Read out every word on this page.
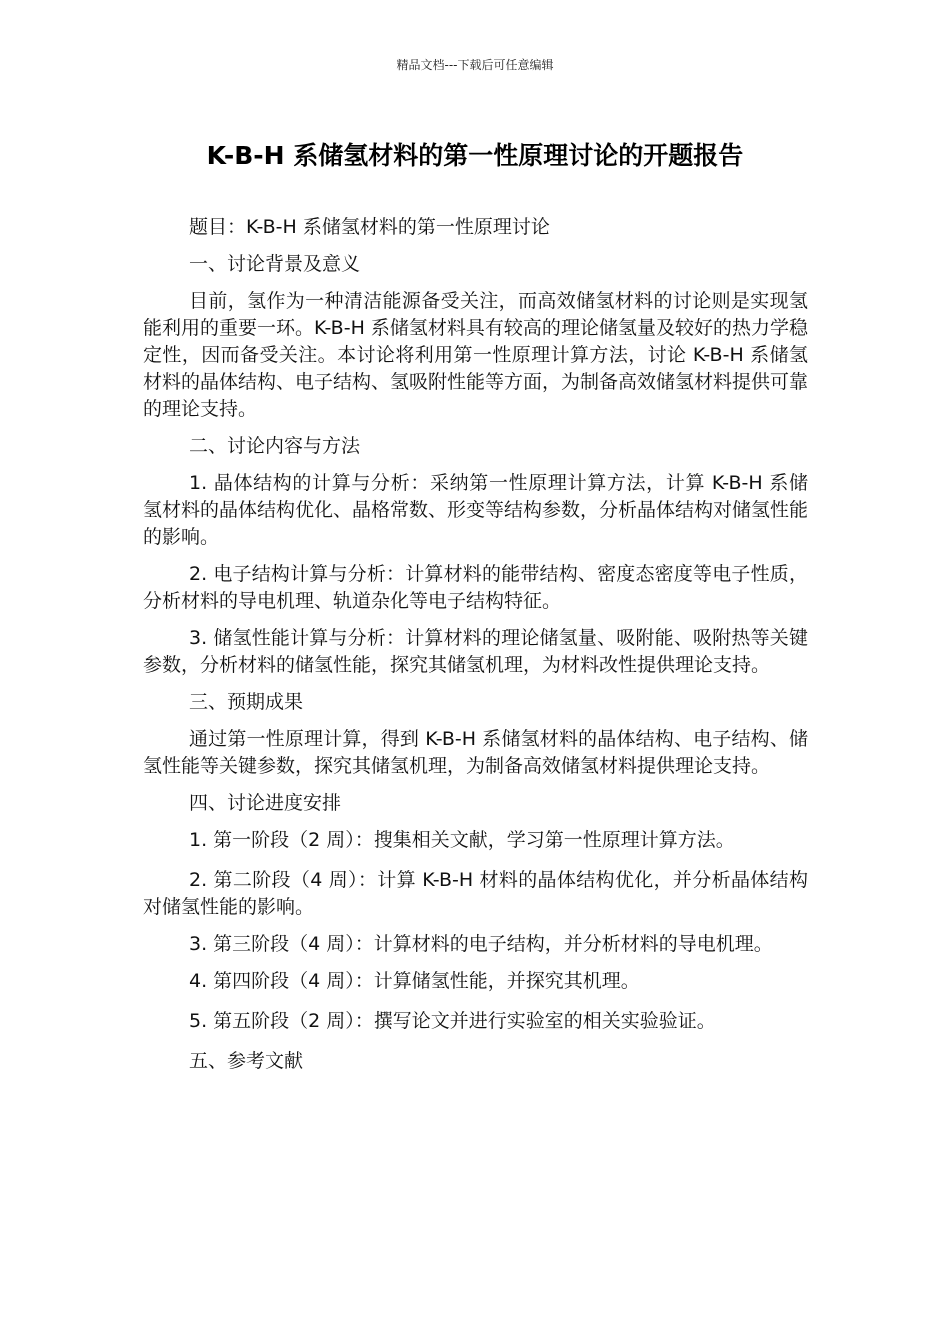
精品文档---下载后可任意编辑
K-B-H 系储氢材料的第一性原理讨论的开题报告

题目：K-B-H 系储氢材料的第一性原理讨论

一、讨论背景及意义

目前，氢作为一种清洁能源备受关注，而高效储氢材料的讨论则是实现氢能利用的重要一环。K-B-H 系储氢材料具有较高的理论储氢量及较好的热力学稳定性，因而备受关注。本讨论将利用第一性原理计算方法，讨论 K-B-H 系储氢材料的晶体结构、电子结构、氢吸附性能等方面，为制备高效储氢材料提供可靠的理论支持。

二、讨论内容与方法

1. 晶体结构的计算与分析：采纳第一性原理计算方法，计算 K-B-H 系储氢材料的晶体结构优化、晶格常数、形变等结构参数，分析晶体结构对储氢性能的影响。

2. 电子结构计算与分析：计算材料的能带结构、密度态密度等电子性质，分析材料的导电机理、轨道杂化等电子结构特征。

3. 储氢性能计算与分析：计算材料的理论储氢量、吸附能、吸附热等关键参数，分析材料的储氢性能，探究其储氢机理，为材料改性提供理论支持。

三、预期成果

通过第一性原理计算，得到 K-B-H 系储氢材料的晶体结构、电子结构、储氢性能等关键参数，探究其储氢机理，为制备高效储氢材料提供理论支持。

四、讨论进度安排

1. 第一阶段（2 周）：搜集相关文献，学习第一性原理计算方法。

2. 第二阶段（4 周）：计算 K-B-H 材料的晶体结构优化，并分析晶体结构对储氢性能的影响。

3. 第三阶段（4 周）：计算材料的电子结构，并分析材料的导电机理。

4. 第四阶段（4 周）：计算储氢性能，并探究其机理。

5. 第五阶段（2 周）：撰写论文并进行实验室的相关实验验证。

五、参考文献
